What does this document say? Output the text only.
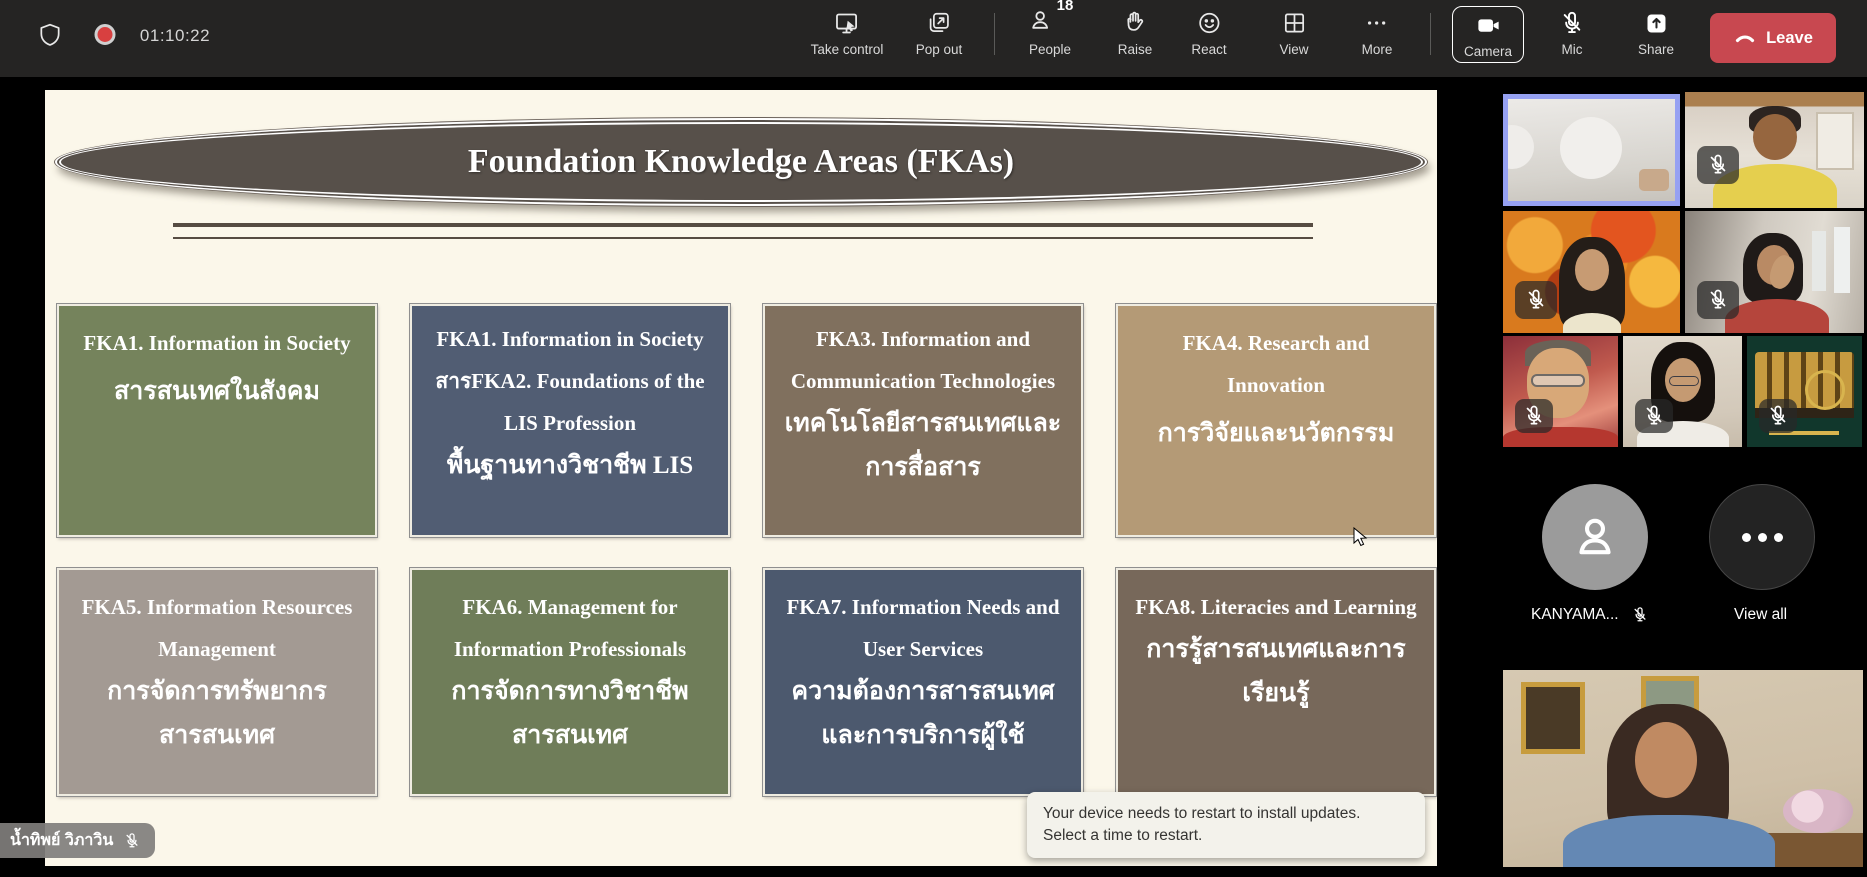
01:10:22
Take control Pop out
18
People	Raise	React	View	More	Camera	Mic	Share
Leave
Foundation Knowledge Areas (FKAs)
FKA1. Information in Society
สารสนเทศในสังคม
FKA1. Information in Society
สารFKA2. Foundations of the LIS Profession
พื้นฐานทางวิชาชีพ LIS
FKA3. Information and Communication Technologies
เทคโนโลยีสารสนเทศและการสื่อสาร
FKA4. Research and Innovation
การวิจัยและนวัตกรรม
FKA5. Information Resources Management
การจัดการทรัพยากรสารสนเทศ
FKA6. Management for Information Professionals
การจัดการทางวิชาชีพสารสนเทศ
FKA7. Information Needs and User Services
ความต้องการสารสนเทศและการบริการผู้ใช้
FKA8. Literacies and Learning
การรู้สารสนเทศและการเรียนรู้
น้ำทิพย์ วิภาวิน
Your device needs to restart to install updates.
Select a time to restart.
KANYAMA...	View all
